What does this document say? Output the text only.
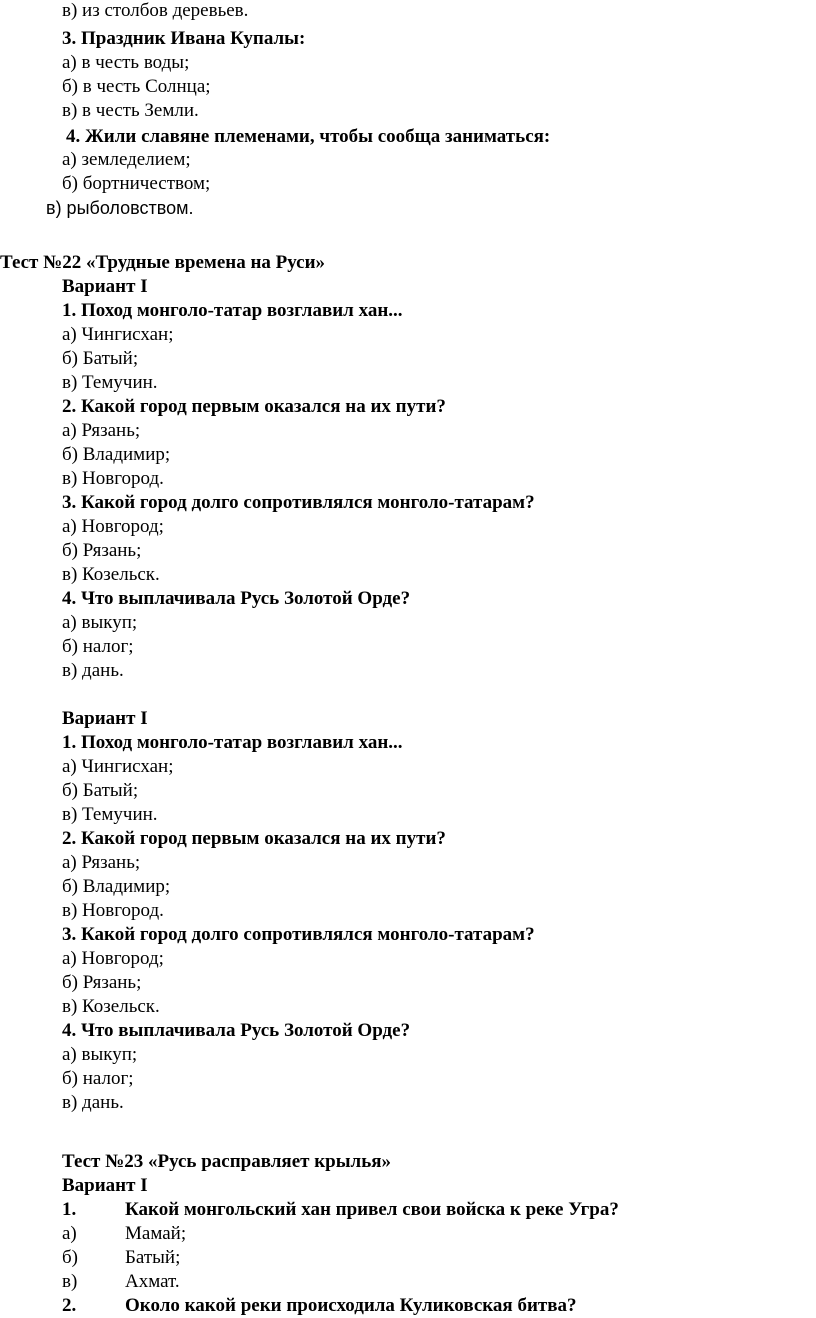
в) из столбов деревьев.
3. Праздник Ивана Купалы:
а) в честь воды;
б) в честь Солнца;
в) в честь Земли.
4. Жили славяне племенами, чтобы сообща заниматься:
а) земледелием;
б) бортничеством;
в) рыболовством.
Тест №22 «Трудные времена на Руси»
Вариант I
1. Поход монголо-татар возглавил хан...
а) Чингисхан;
б) Батый;
в) Темучин.
2. Какой город первым оказался на их пути?
а) Рязань;
б) Владимир;
в) Новгород.
3. Какой город долго сопротивлялся монголо-татарам?
а) Новгород;
б) Рязань;
в) Козельск.
4. Что выплачивала Русь Золотой Орде?
а) выкуп;
б) налог;
в) дань.
Вариант I
1. Поход монголо-татар возглавил хан...
а) Чингисхан;
б) Батый;
в) Темучин.
2. Какой город первым оказался на их пути?
а) Рязань;
б) Владимир;
в) Новгород.
3. Какой город долго сопротивлялся монголо-татарам?
а) Новгород;
б) Рязань;
в) Козельск.
4. Что выплачивала Русь Золотой Орде?
а) выкуп;
б) налог;
в) дань.
Тест №23 «Русь расправляет крылья»
Вариант I
1.	Какой монгольский хан привел свои войска к реке Угра?
а)	Мамай;
б) Батый;
в)	Ахмат.
2.	Около какой реки происходила Куликовская битва?
